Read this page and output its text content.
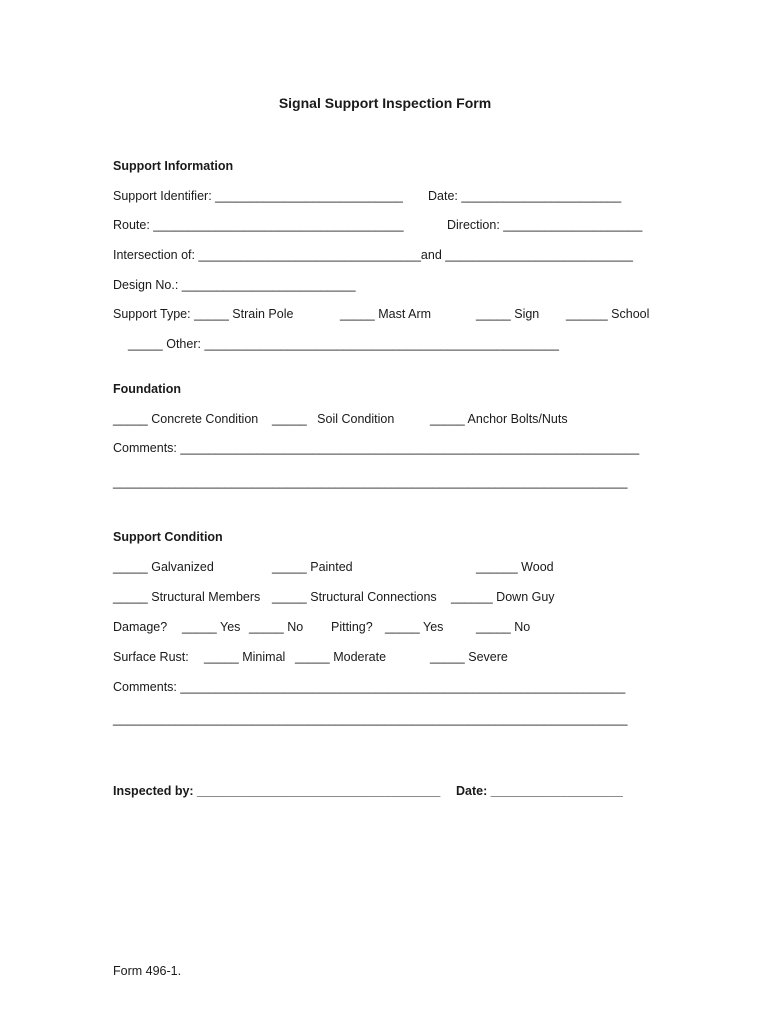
Signal Support Inspection Form
Support Information
Support Identifier: ___________________________ Date: _______________________
Route: ____________________________________	Direction: ____________________
Intersection of: ________________________________and ___________________________
Design No.: _________________________
Support Type: _____ Strain Pole	_____ Mast Arm	_____ Sign ______ School
_____ Other: ___________________________________________________
Foundation
_____ Concrete Condition _____   Soil Condition	_____ Anchor Bolts/Nuts
Comments: __________________________________________________________________
__________________________________________________________________________
Support Condition
_____ Galvanized	_____ Painted	______ Wood
_____ Structural Members _____ Structural Connections ______ Down Guy
Damage? _____ Yes _____ No Pitting? _____ Yes	_____ No
Surface Rust: _____ Minimal _____ Moderate	_____ Severe
Comments: ________________________________________________________________
__________________________________________________________________________
Inspected by: ___________________________________ Date: ___________________
Form 496-1.
